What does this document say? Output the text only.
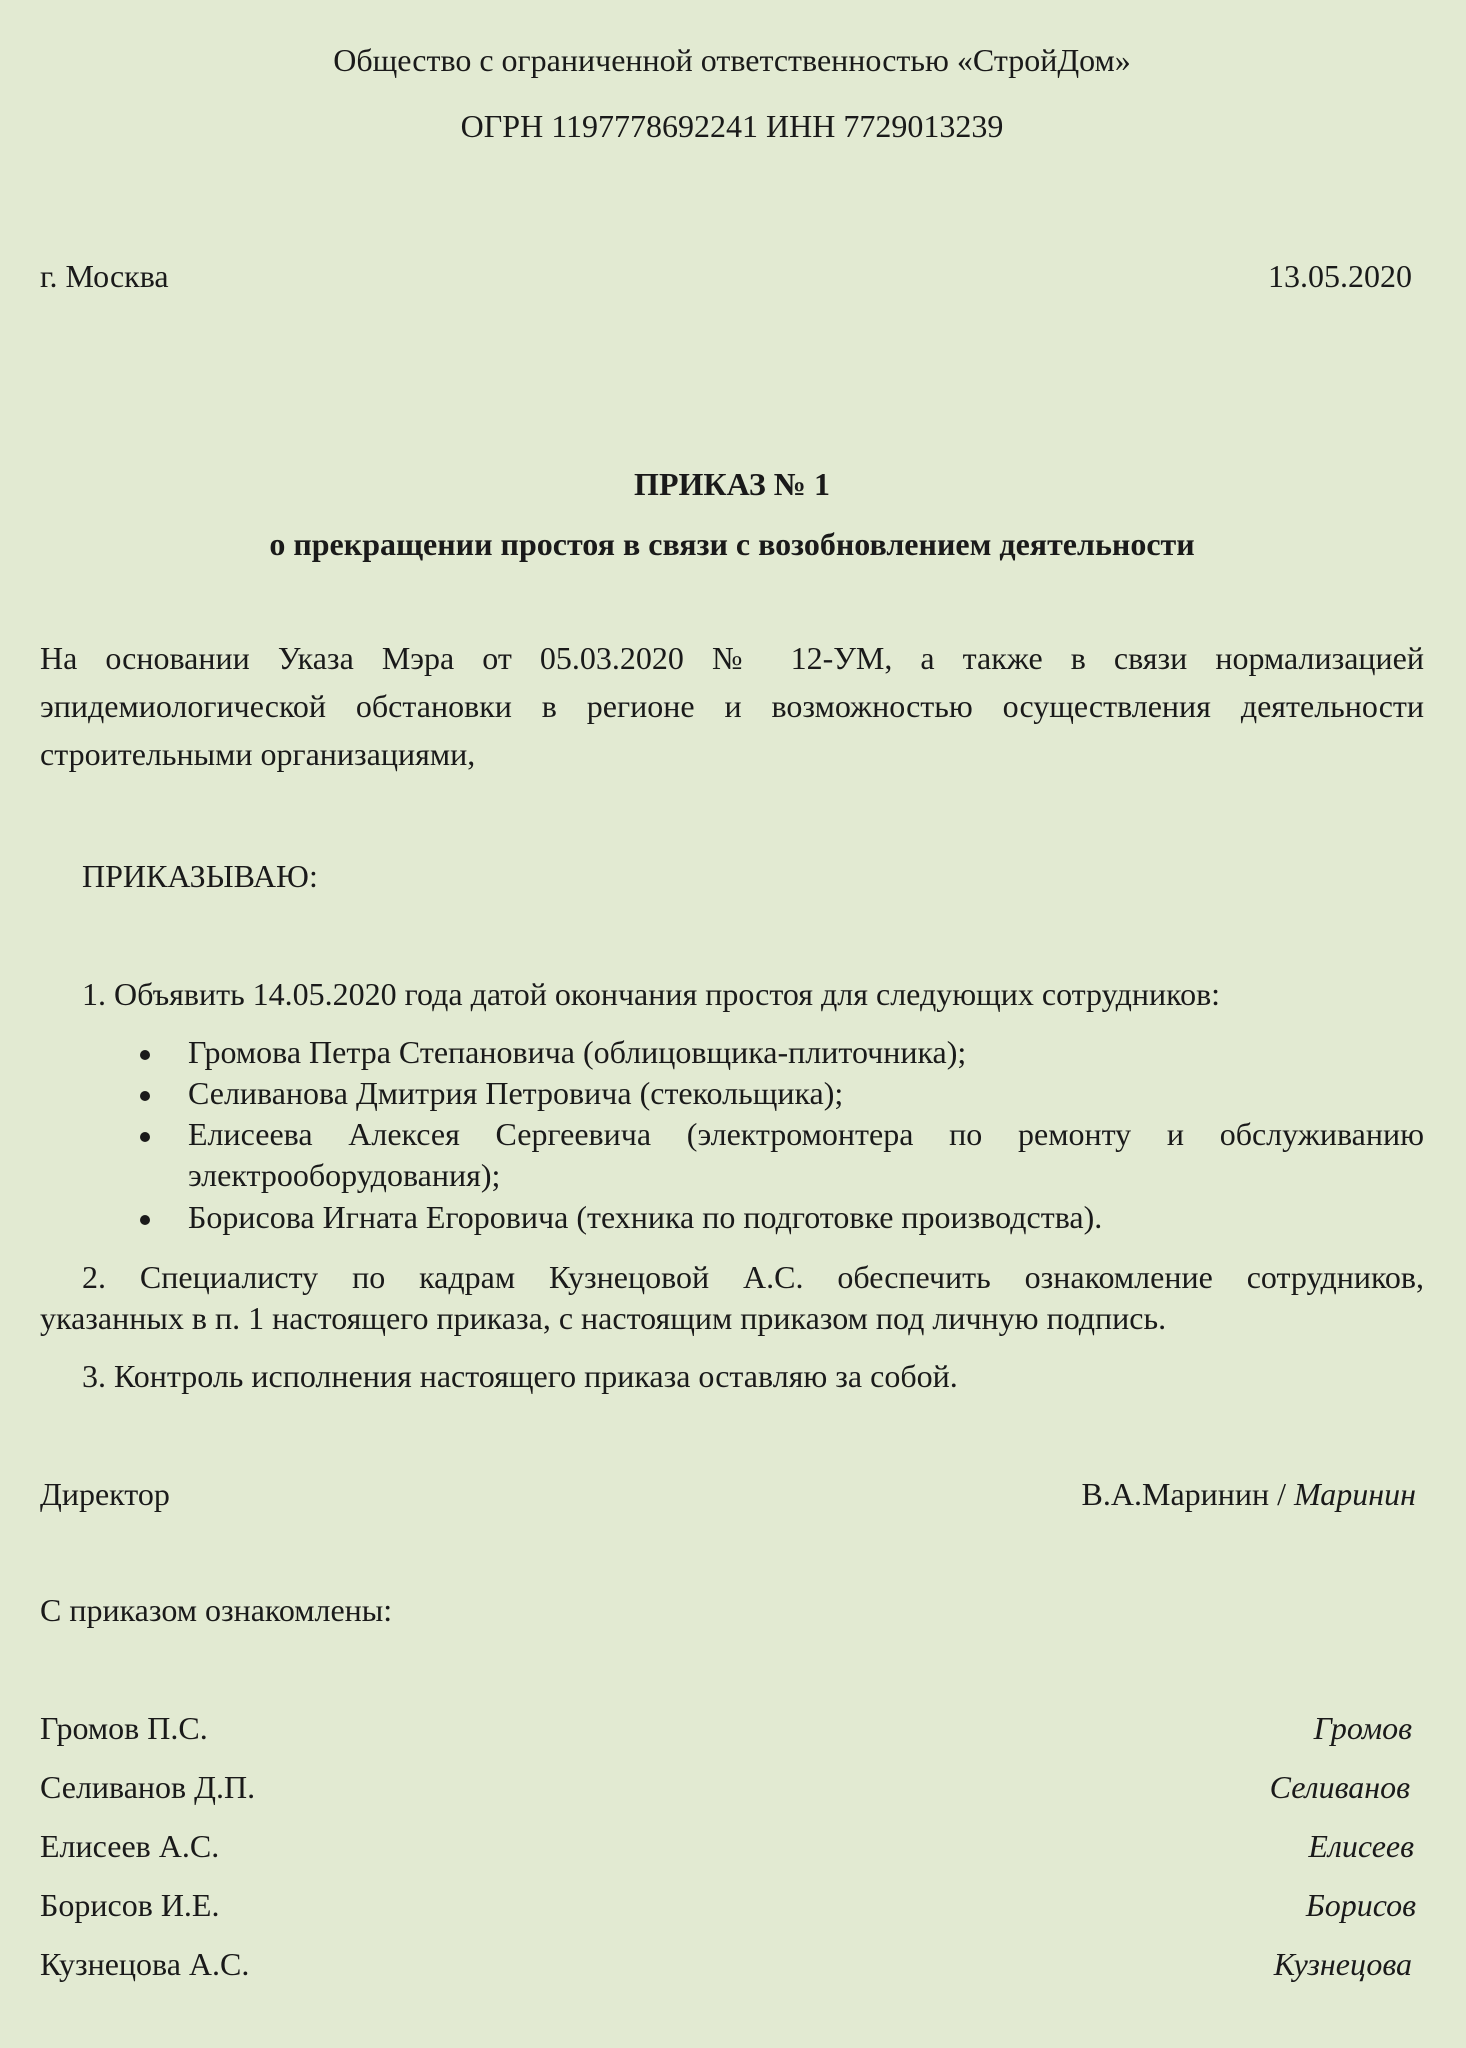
Общество с ограниченной ответственностью «СтройДом»
ОГРН 1197778692241 ИНН 7729013239
г. Москва	13.05.2020
ПРИКАЗ № 1
о прекращении простоя в связи с возобновлением деятельности
На основании Указа Мэра от 05.03.2020 № 12-УМ, а также в связи нормализацией
эпидемиологической обстановки в регионе и возможностью осуществления деятельности
строительными организациями,
ПРИКАЗЫВАЮ:
1. Объявить 14.05.2020 года датой окончания простоя для следующих сотрудников:
Громова Петра Степановича (облицовщика-плиточника);
Селиванова Дмитрия Петровича (стекольщика);
Елисеева Алексея Сергеевича (электромонтера по ремонту и обслуживанию
электрооборудования);
Борисова Игната Егоровича (техника по подготовке производства).
2. Специалисту по кадрам Кузнецовой А.С. обеспечить ознакомление сотрудников,
указанных в п. 1 настоящего приказа, с настоящим приказом под личную подпись.
3. Контроль исполнения настоящего приказа оставляю за собой.
Директор	В.А.Маринин / Маринин
С приказом ознакомлены:
Громов П.С.	Громов
Селиванов Д.П.	Селиванов
Елисеев А.С.	Елисеев
Борисов И.Е.	Борисов
Кузнецова А.С.	Кузнецова
